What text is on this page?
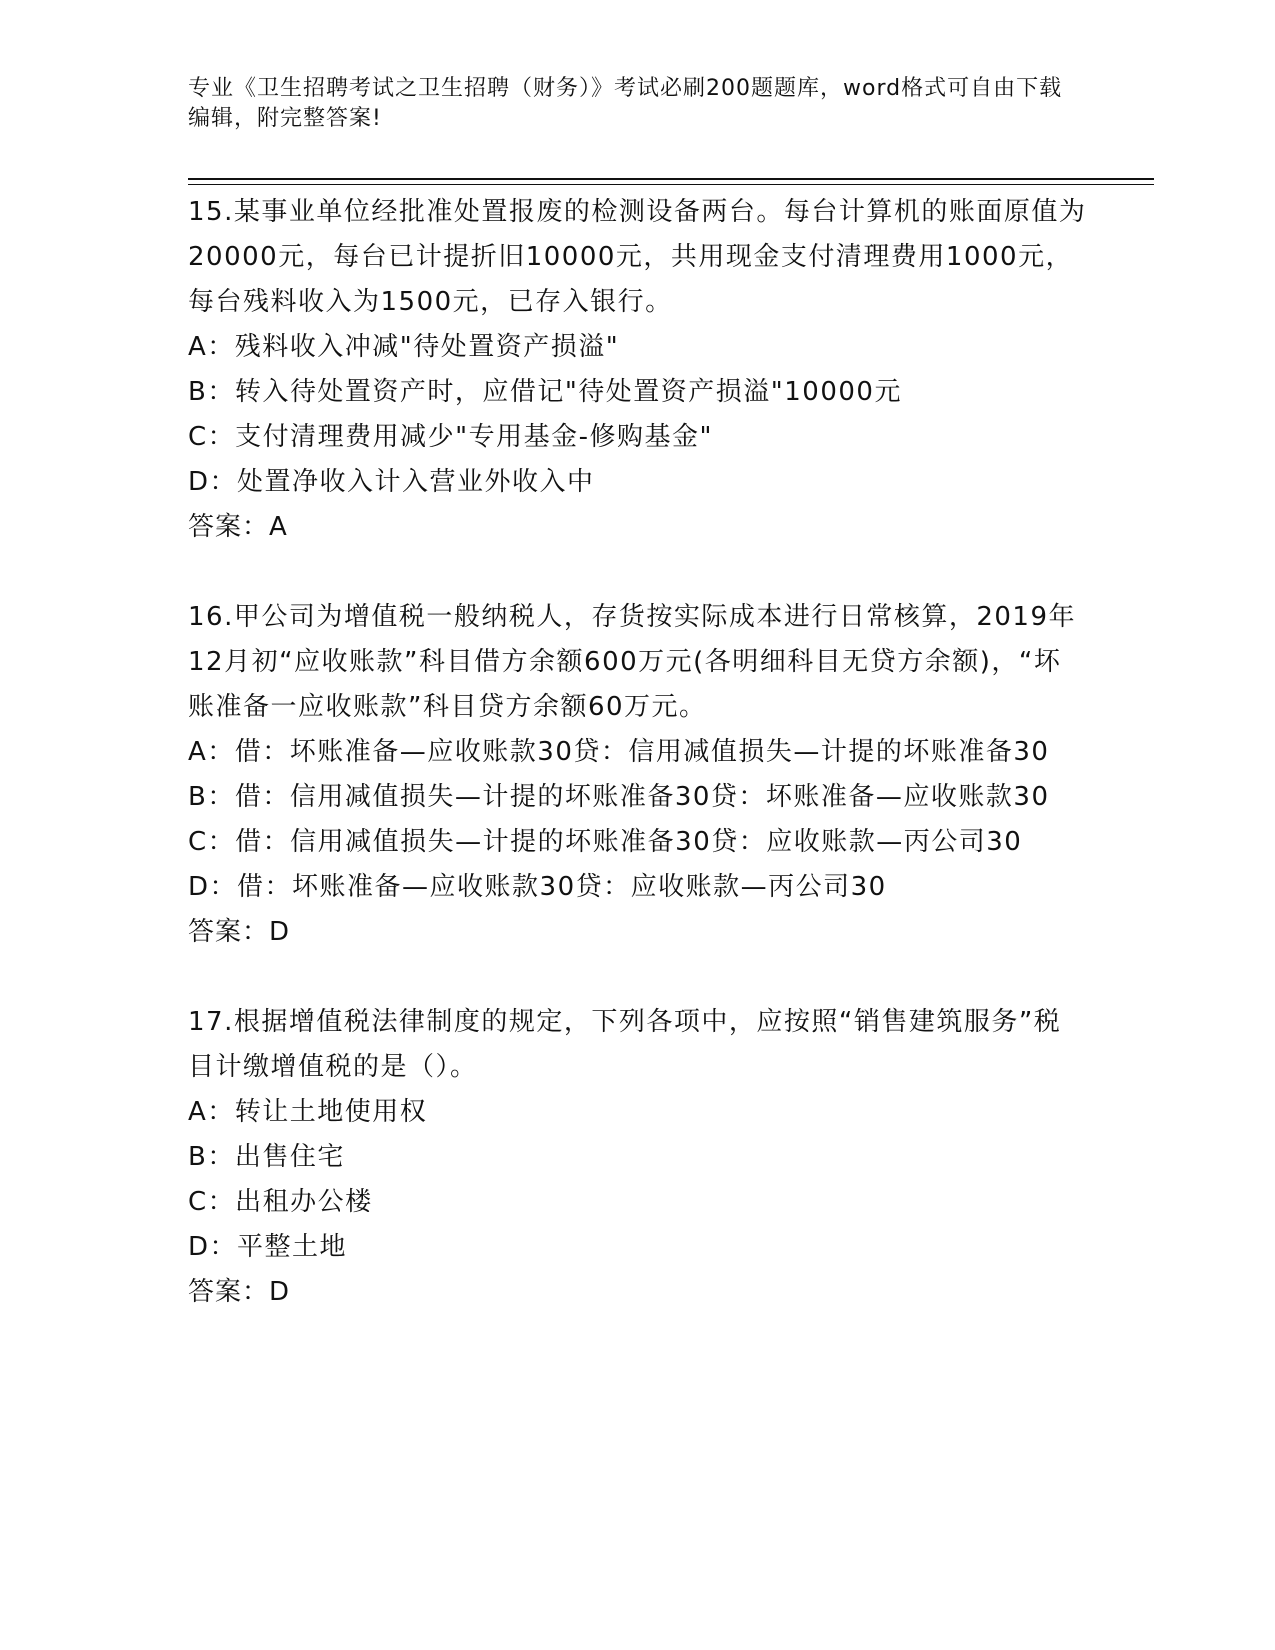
专业《卫生招聘考试之卫生招聘（财务）》考试必刷200题题库，word格式可自由下载编辑，附完整答案!

15.某事业单位经批准处置报废的检测设备两台。每台计算机的账面原值为20000元，每台已计提折旧10000元，共用现金支付清理费用1000元，每台残料收入为1500元，已存入银行。

A：残料收入冲减"待处置资产损溢"

B：转入待处置资产时，应借记"待处置资产损溢"10000元

C：支付清理费用减少"专用基金-修购基金"

D：处置净收入计入营业外收入中

答案：A

16.甲公司为增值税一般纳税人，存货按实际成本进行日常核算，2019年12月初“应收账款”科目借方余额600万元(各明细科目无贷方余额)，“坏账准备一应收账款”科目贷方余额60万元。

A：借：坏账准备—应收账款30贷：信用减值损失—计提的坏账准备30

B：借：信用减值损失—计提的坏账准备30贷：坏账准备—应收账款30

C：借：信用减值损失—计提的坏账准备30贷：应收账款—丙公司30

D：借：坏账准备—应收账款30贷：应收账款—丙公司30

答案：D

17.根据增值税法律制度的规定，下列各项中，应按照“销售建筑服务”税目计缴增值税的是（）。

A：转让土地使用权

B：出售住宅

C：出租办公楼

D：平整土地

答案：D
